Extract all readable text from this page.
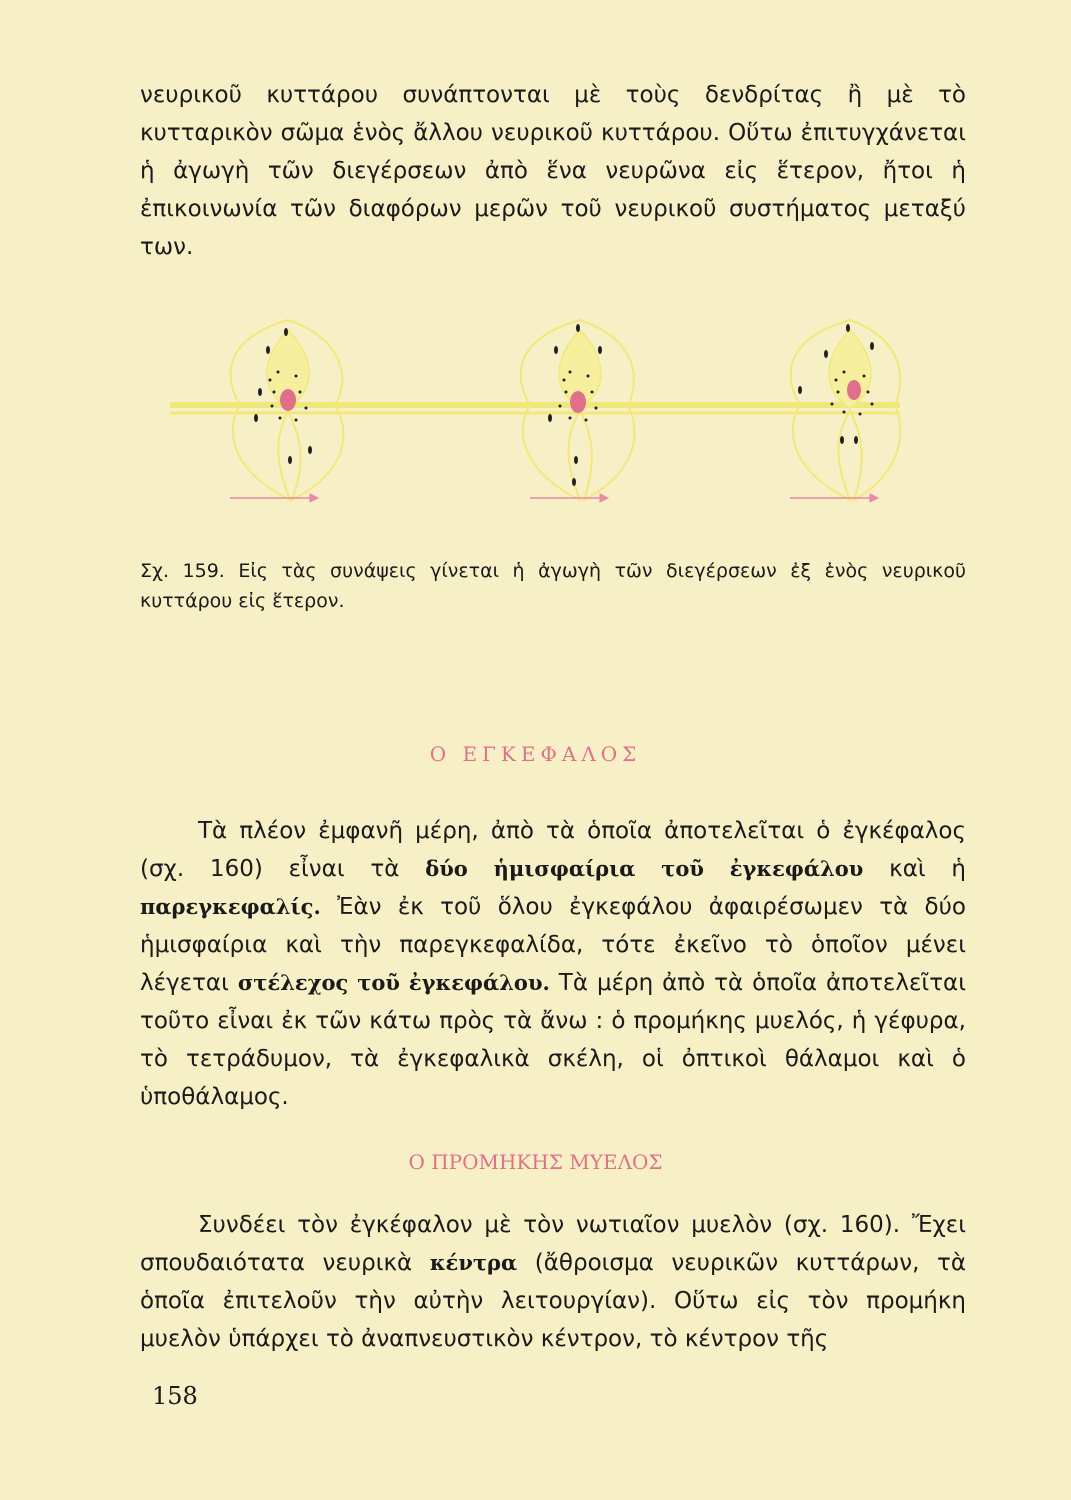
νευρικοῦ κυττάρου συνάπτονται μὲ τοὺς δενδρίτας ἢ μὲ τὸ κυτταρικὸν σῶμα ἑνὸς ἄλλου νευρικοῦ κυττάρου. Οὕτω ἐπιτυγχάνεται ἡ ἀγωγὴ τῶν διεγέρσεων ἀπὸ ἕνα νευρῶνα εἰς ἕτερον, ἤτοι ἡ ἐπικοινωνία τῶν διαφόρων μερῶν τοῦ νευρικοῦ συστήματος μεταξύ των.

Σχ. 159. Εἰς τὰς συνάψεις γίνεται ἡ ἀγωγὴ τῶν διεγέρσεων ἐξ ἑνὸς νευρικοῦ κυττάρου εἰς ἕτερον.

Ο ΕΓΚΕΦΑΛΟΣ

Τὰ πλέον ἐμφανῆ μέρη, ἀπὸ τὰ ὁποῖα ἀποτελεῖται ὁ ἐγκέφαλος (σχ. 160) εἶναι τὰ δύο ἡμισφαίρια τοῦ ἐγκεφάλου καὶ ἡ παρεγκεφαλίς. Ἐὰν ἐκ τοῦ ὅλου ἐγκεφάλου ἀφαιρέσωμεν τὰ δύο ἡμισφαίρια καὶ τὴν παρεγκεφαλίδα, τότε ἐκεῖνο τὸ ὁποῖον μένει λέγεται στέλεχος τοῦ ἐγκεφάλου. Τὰ μέρη ἀπὸ τὰ ὁποῖα ἀποτελεῖται τοῦτο εἶναι ἐκ τῶν κάτω πρὸς τὰ ἄνω : ὁ προμήκης μυελός, ἡ γέφυρα, τὸ τετράδυμον, τὰ ἐγκεφαλικὰ σκέλη, οἱ ὀπτικοὶ θάλαμοι καὶ ὁ ὑποθάλαμος.

Ο ΠΡΟΜΗΚΗΣ ΜΥΕΛΟΣ

Συνδέει τὸν ἐγκέφαλον μὲ τὸν νωτιαῖον μυελὸν (σχ. 160). Ἔχει σπουδαιότατα νευρικὰ κέντρα (ἄθροισμα νευρικῶν κυττάρων, τὰ ὁποῖα ἐπιτελοῦν τὴν αὐτὴν λειτουργίαν). Οὕτω εἰς τὸν προμήκη μυελὸν ὑπάρχει τὸ ἀναπνευστικὸν κέντρον, τὸ κέντρον τῆς

158
